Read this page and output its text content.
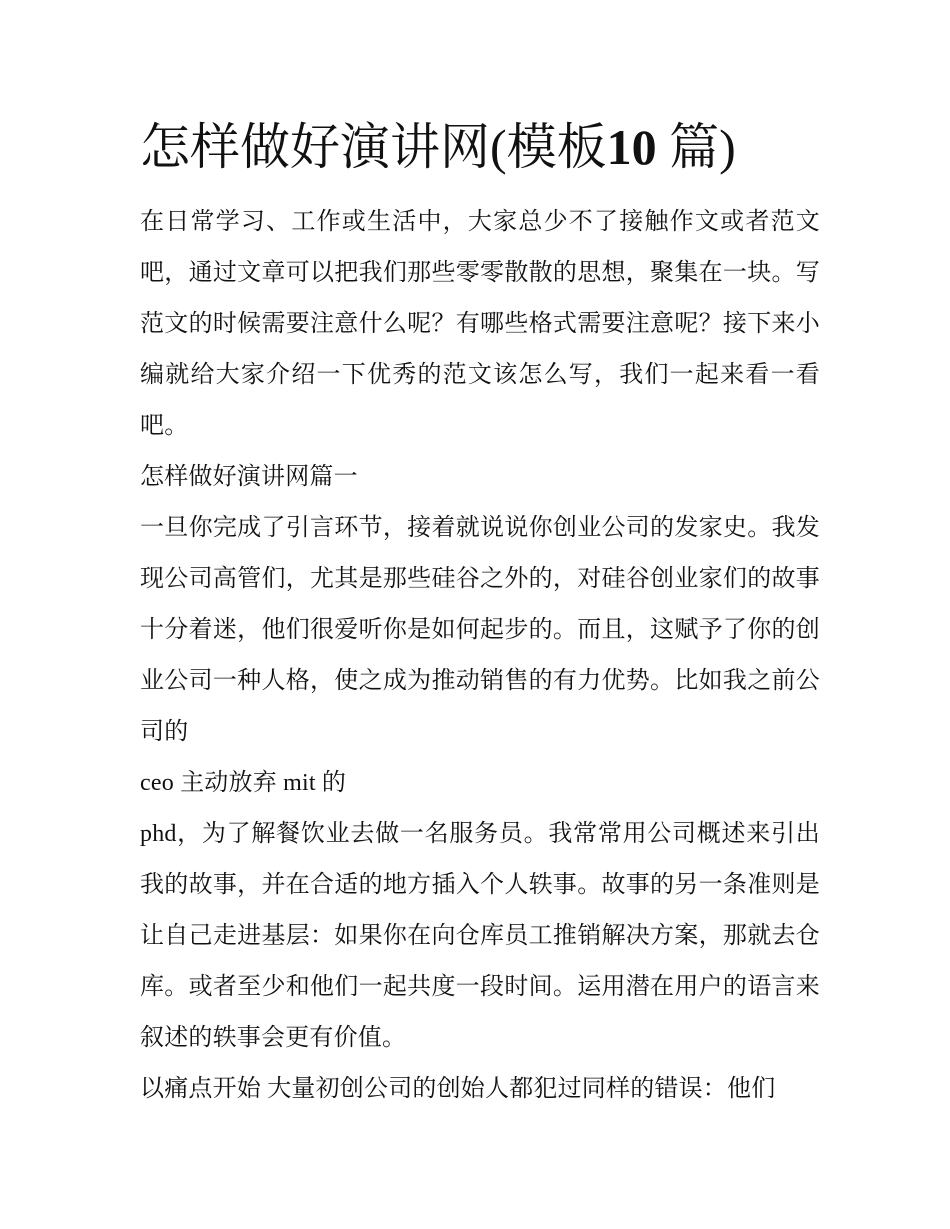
怎样做好演讲网(模板10 篇)

在日常学习、工作或生活中，大家总少不了接触作文或者范文吧，通过文章可以把我们那些零零散散的思想，聚集在一块。写范文的时候需要注意什么呢？有哪些格式需要注意呢？接下来小编就给大家介绍一下优秀的范文该怎么写，我们一起来看一看吧。

怎样做好演讲网篇一

一旦你完成了引言环节，接着就说说你创业公司的发家史。我发现公司高管们，尤其是那些硅谷之外的，对硅谷创业家们的故事十分着迷，他们很爱听你是如何起步的。而且，这赋予了你的创业公司一种人格，使之成为推动销售的有力优势。比如我之前公司的

ceo 主动放弃 mit 的

phd，为了解餐饮业去做一名服务员。我常常用公司概述来引出我的故事，并在合适的地方插入个人轶事。故事的另一条准则是让自己走进基层：如果你在向仓库员工推销解决方案，那就去仓库。或者至少和他们一起共度一段时间。运用潜在用户的语言来叙述的轶事会更有价值。

以痛点开始 大量初创公司的创始人都犯过同样的错误：他们
